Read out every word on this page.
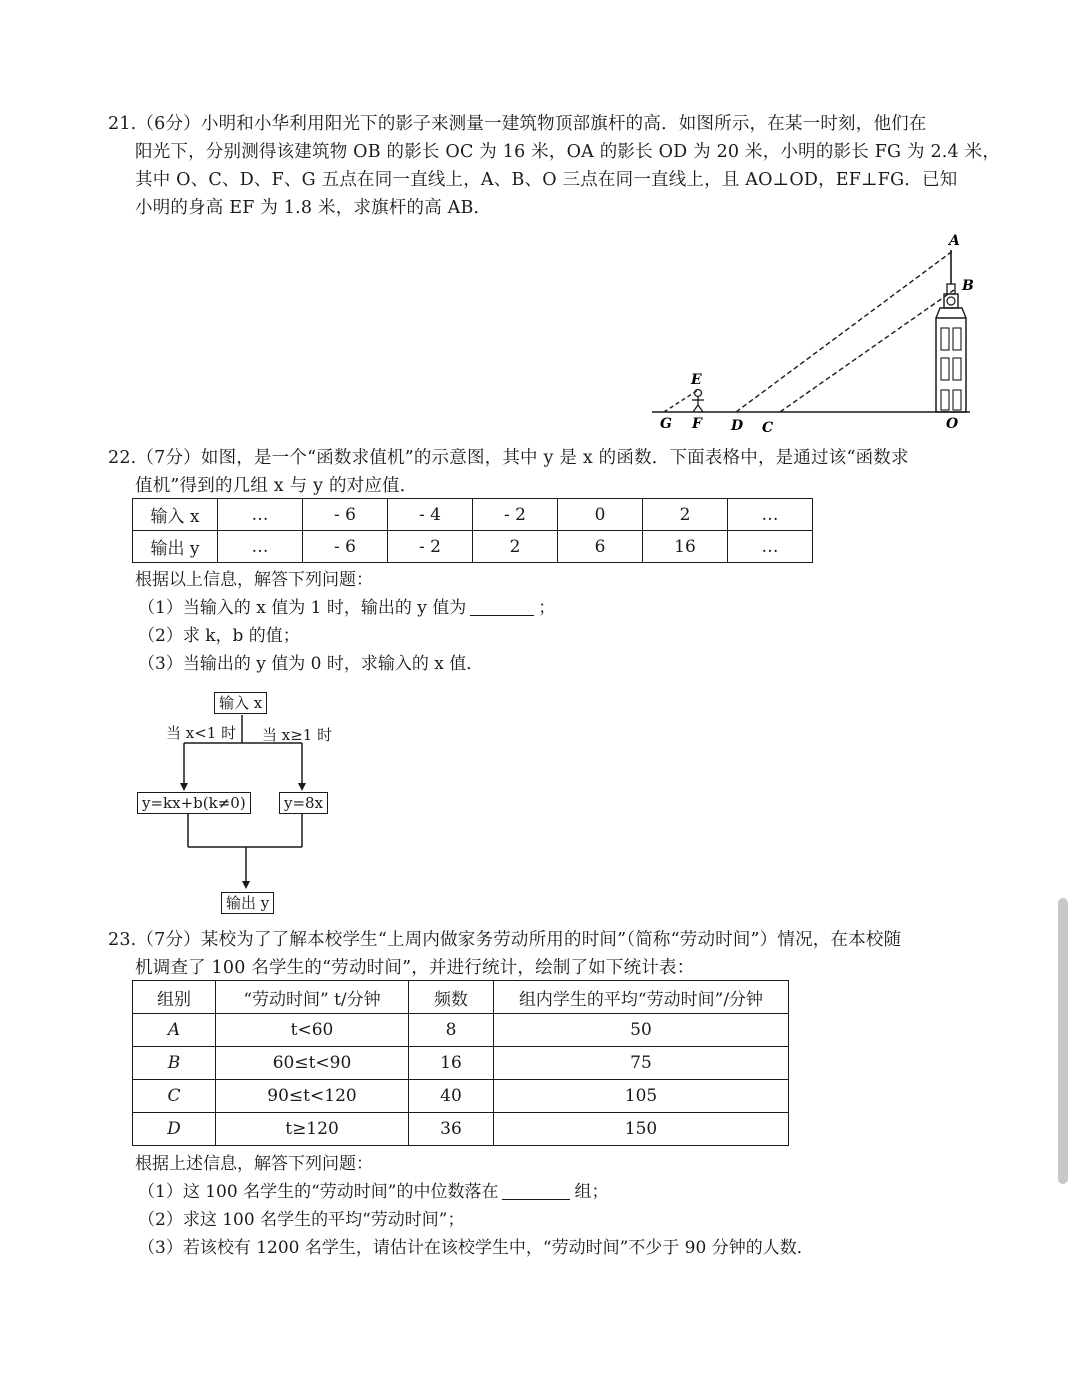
21.（6分）小明和小华利用阳光下的影子来测量一建筑物顶部旗杆的高．如图所示，在某一时刻，他们在
阳光下，分别测得该建筑物 OB 的影长 OC 为 16 米，OA 的影长 OD 为 20 米，小明的影长 FG 为 2.4 米，
其中 O、C、D、F、G 五点在同一直线上，A、B、O 三点在同一直线上，且 AO⊥OD，EF⊥FG．已知
小明的身高 EF 为 1.8 米，求旗杆的高 AB．
A
B
E
G F D C	O
22.（7分）如图，是一个“函数求值机”的示意图，其中 y 是 x 的函数．下面表格中，是通过该“函数求
值机”得到的几组 x 与 y 的对应值．
输入 x	…	- 6	- 4	- 2	0	2	…
输出 y	…	- 6	- 2	2	6	16	…
根据以上信息，解答下列问题：
（1）当输入的 x 值为 1 时，输出的 y 值为	；
（2）求 k，b 的值；
（3）当输出的 y 值为 0 时，求输入的 x 值．
输入 x
当 x<1 时 当 x≥1 时
y=kx+b(k≠0)	y=8x
输出 y
23.（7分）某校为了了解本校学生“上周内做家务劳动所用的时间”（简称“劳动时间”）情况，在本校随
机调查了 100 名学生的“劳动时间”，并进行统计，绘制了如下统计表：
组别	“劳动时间” t/分钟	频数	组内学生的平均“劳动时间”/分钟
A	t<60	8	50
B	60≤t<90	16	75
C	90≤t<120	40	105
D	t≥120	36	150
根据上述信息，解答下列问题：
（1）这 100 名学生的“劳动时间”的中位数落在	组；
（2）求这 100 名学生的平均“劳动时间”；
（3）若该校有 1200 名学生，请估计在该校学生中，“劳动时间”不少于 90 分钟的人数．
